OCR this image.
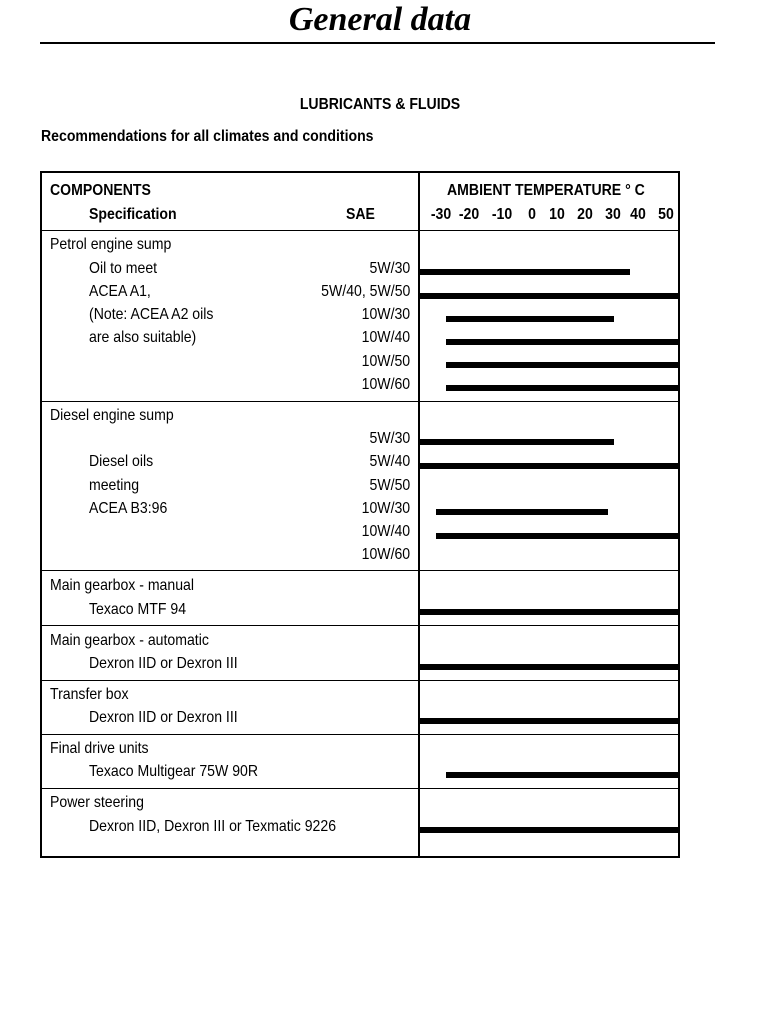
General data
LUBRICANTS & FLUIDS
Recommendations for all climates and conditions
COMPONENTS
Specification	SAE
AMBIENT TEMPERATURE ° C
-30 -20 -10 0 10 20 30 40 50
Petrol engine sump
Oil to meet
ACEA A1,
(Note: ACEA A2 oils
are also suitable)
5W/30
5W/40, 5W/50
10W/30
10W/40
10W/50
10W/60
Diesel engine sump
Diesel oils
meeting
ACEA B3:96
5W/30
5W/40
5W/50
10W/30
10W/40
10W/60
Main gearbox - manual
Texaco MTF 94
Main gearbox - automatic
Dexron IID or Dexron III
Transfer box
Dexron IID or Dexron III
Final drive units
Texaco Multigear 75W 90R
Power steering
Dexron IID, Dexron III or Texmatic 9226
